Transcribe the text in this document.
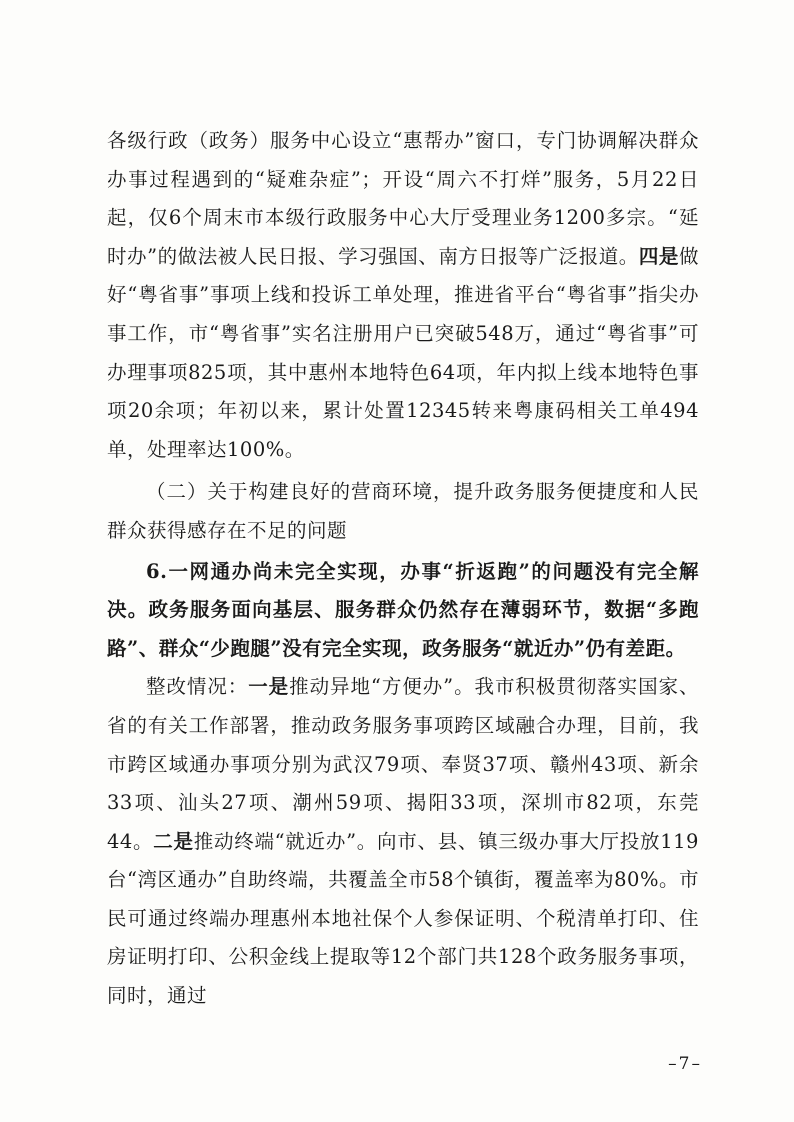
各级行政（政务）服务中心设立“惠帮办”窗口，专门协调解决群众办事过程遇到的“疑难杂症”；开设“周六不打烊”服务，5月22日起，仅6个周末市本级行政服务中心大厅受理业务1200多宗。“延时办”的做法被人民日报、学习强国、南方日报等广泛报道。四是做好“粤省事”事项上线和投诉工单处理，推进省平台“粤省事”指尖办事工作，市“粤省事”实名注册用户已突破548万，通过“粤省事”可办理事项825项，其中惠州本地特色64项，年内拟上线本地特色事项20余项；年初以来，累计处置12345转来粤康码相关工单494单，处理率达100%。

（二）关于构建良好的营商环境，提升政务服务便捷度和人民群众获得感存在不足的问题

6.一网通办尚未完全实现，办事“折返跑”的问题没有完全解决。政务服务面向基层、服务群众仍然存在薄弱环节，数据“多跑路”、群众“少跑腿”没有完全实现，政务服务“就近办”仍有差距。

整改情况：一是推动异地“方便办”。我市积极贯彻落实国家、省的有关工作部署，推动政务服务事项跨区域融合办理，目前，我市跨区域通办事项分别为武汉79项、奉贤37项、赣州43项、新余33项、汕头27项、潮州59项、揭阳33项，深圳市82项，东莞44。二是推动终端“就近办”。向市、县、镇三级办事大厅投放119台“湾区通办”自助终端，共覆盖全市58个镇街，覆盖率为80%。市民可通过终端办理惠州本地社保个人参保证明、个税清单打印、住房证明打印、公积金线上提取等12个部门共128个政务服务事项，同时，通过

–7–
